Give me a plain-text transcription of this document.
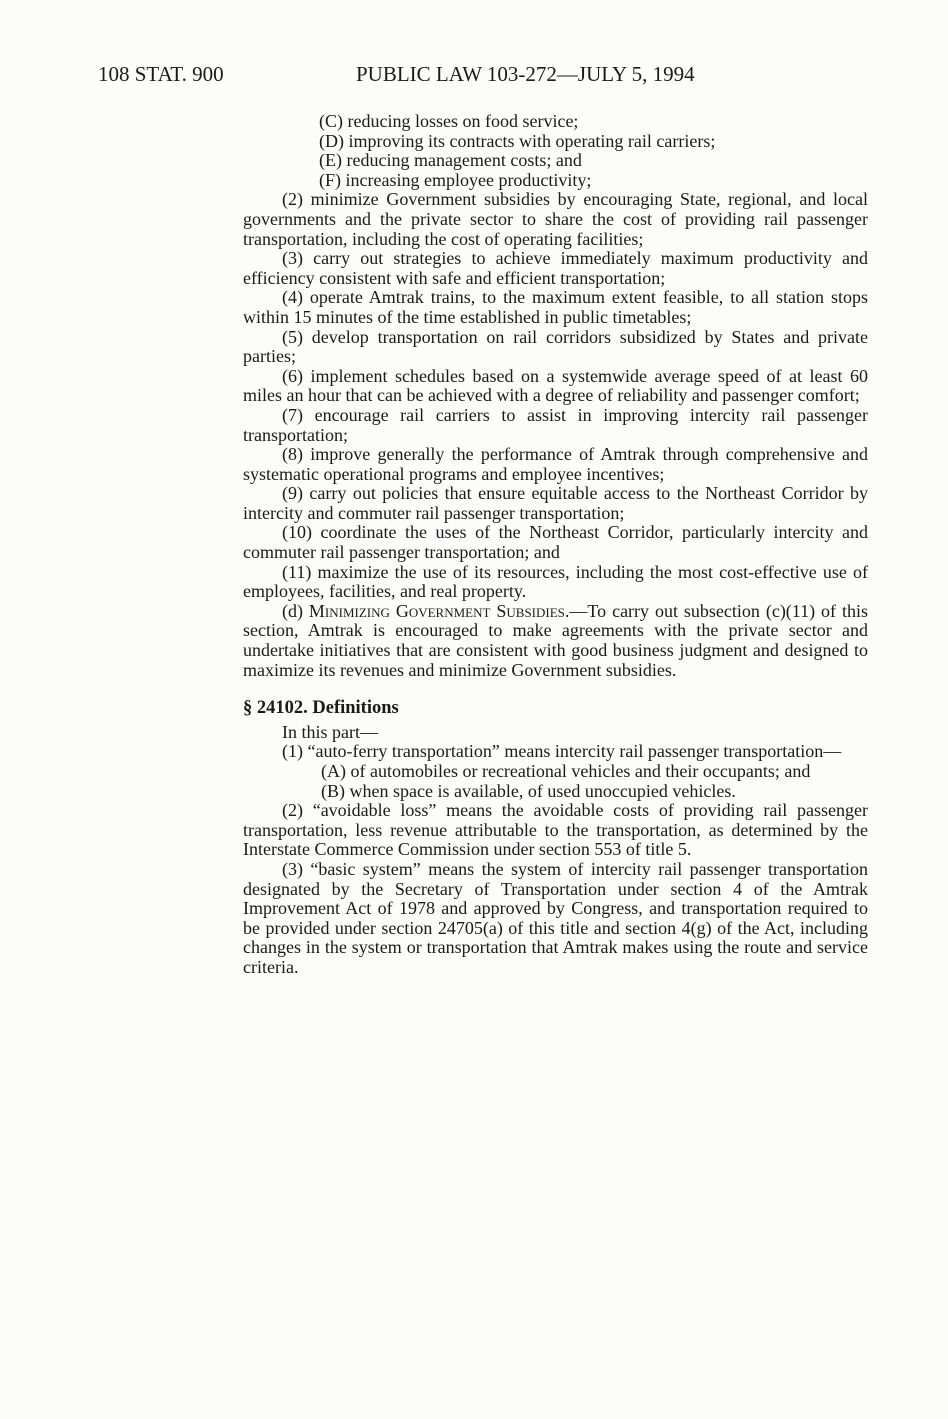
108 STAT. 900	PUBLIC LAW 103-272—JULY 5, 1994

(C) reducing losses on food service;

(D) improving its contracts with operating rail carriers;

(E) reducing management costs; and

(F) increasing employee productivity;

(2) minimize Government subsidies by encouraging State, regional, and local governments and the private sector to share the cost of providing rail passenger transportation, including the cost of operating facilities;

(3) carry out strategies to achieve immediately maximum productivity and efficiency consistent with safe and efficient transportation;

(4) operate Amtrak trains, to the maximum extent feasible, to all station stops within 15 minutes of the time established in public timetables;

(5) develop transportation on rail corridors subsidized by States and private parties;

(6) implement schedules based on a systemwide average speed of at least 60 miles an hour that can be achieved with a degree of reliability and passenger comfort;

(7) encourage rail carriers to assist in improving intercity rail passenger transportation;

(8) improve generally the performance of Amtrak through comprehensive and systematic operational programs and employee incentives;

(9) carry out policies that ensure equitable access to the Northeast Corridor by intercity and commuter rail passenger transportation;

(10) coordinate the uses of the Northeast Corridor, particularly intercity and commuter rail passenger transportation; and

(11) maximize the use of its resources, including the most cost-effective use of employees, facilities, and real property.

(d) Minimizing Government Subsidies.—To carry out subsection (c)(11) of this section, Amtrak is encouraged to make agreements with the private sector and undertake initiatives that are consistent with good business judgment and designed to maximize its revenues and minimize Government subsidies.

§ 24102. Definitions

In this part—

(1) “auto-ferry transportation” means intercity rail passenger transportation—

(A) of automobiles or recreational vehicles and their occupants; and

(B) when space is available, of used unoccupied vehicles.

(2) “avoidable loss” means the avoidable costs of providing rail passenger transportation, less revenue attributable to the transportation, as determined by the Interstate Commerce Commission under section 553 of title 5.

(3) “basic system” means the system of intercity rail passenger transportation designated by the Secretary of Transportation under section 4 of the Amtrak Improvement Act of 1978 and approved by Congress, and transportation required to be provided under section 24705(a) of this title and section 4(g) of the Act, including changes in the system or transportation that Amtrak makes using the route and service criteria.
